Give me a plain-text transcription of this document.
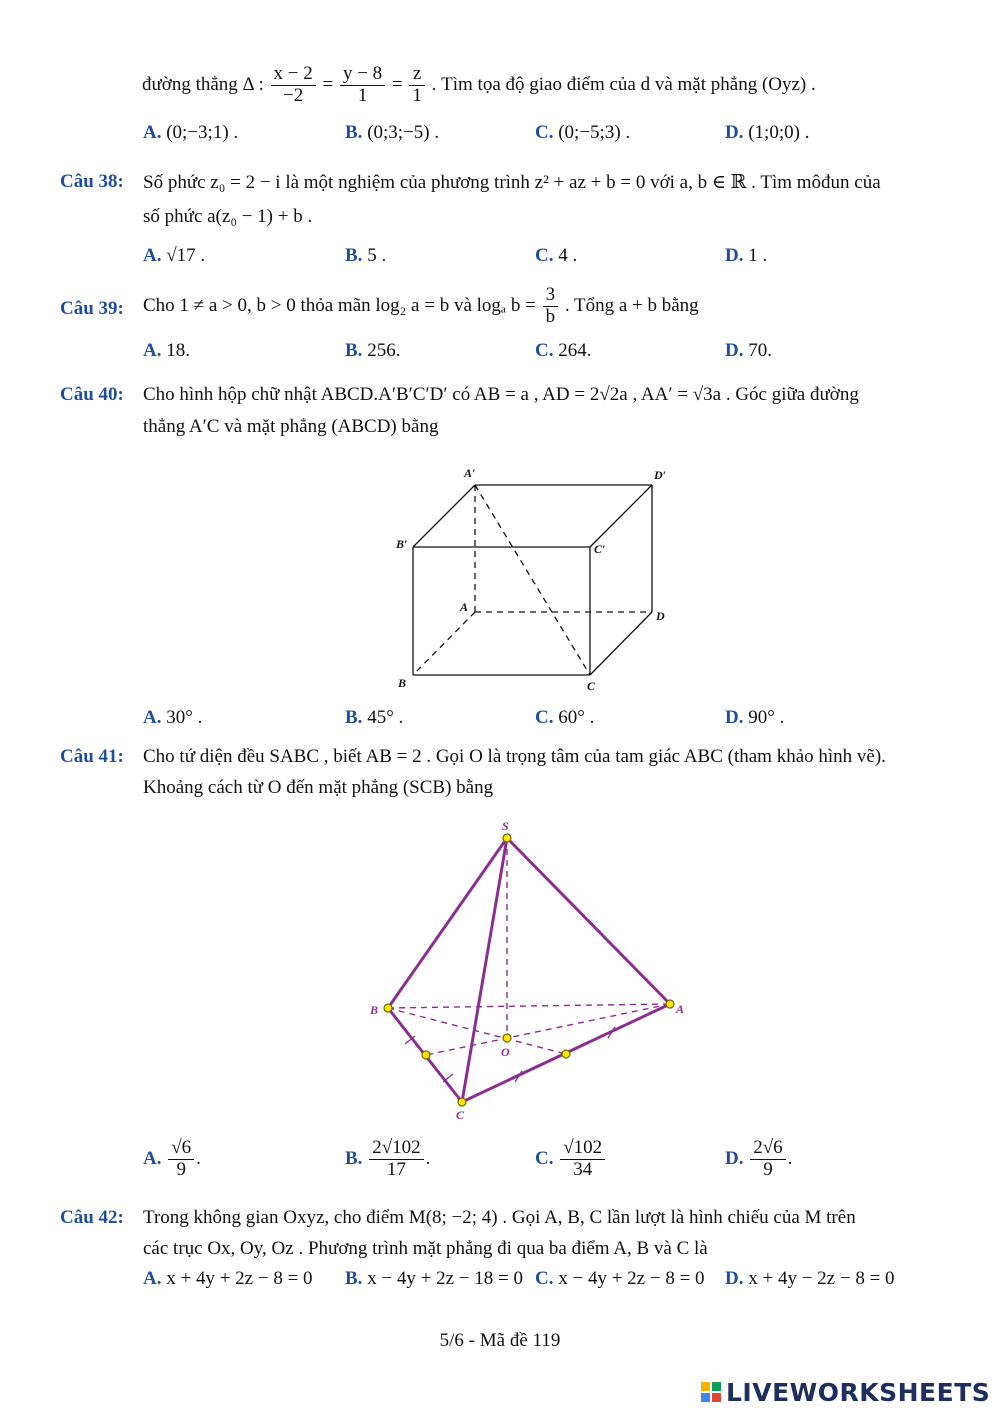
đường thẳng Δ : $\frac{x - 2}{-2} = \frac{y - 8}{1} = \frac{z}{1}$ . Tìm tọa độ giao điểm của d và mặt phẳng (Oyz) .
A. (0;−3;1) .	B. (0;3;−5) .	C. (0;−5;3) .	D. (1;0;0) .
Câu 38: Số phức z₀ = 2 − i là một nghiệm của phương trình z² + az + b = 0 với a, b ∈ ℝ . Tìm môđun của
số phức a(z₀ − 1) + b .
A. √17 .	B. 5 .	C. 4 .	D. 1 .
Câu 39: Cho 1 ≠ a > 0, b > 0 thỏa mãn log₂ a = b và logₐ $b = \frac{3}{b}$ . Tổng a + b bằng
A. 18.	B. 256.	C. 264.	D. 70.
Câu 40: Cho hình hộp chữ nhật ABCD.A′B′C′D′ có AB = a , AD = 2√2a , AA′ = √3a . Góc giữa đường
thẳng A′C và mặt phẳng (ABCD) bằng
A′	D′
B′	C′
A
D
B	C
A. 30° .	B. 45° .	C. 60° .	D. 90° .
Câu 41: Cho tứ diện đều SABC , biết AB = 2 . Gọi O là trọng tâm của tam giác ABC (tham khảo hình vẽ).
Khoảng cách từ O đến mặt phẳng (SCB) bằng
S
B	A
O
C
A. $\frac{√6}{9}$ .	B. $\frac{2√102}{17}$ .	C. $\frac{√102}{34}$	D. $\frac{2√6}{9}$ .
Câu 42: Trong không gian Oxyz, cho điểm M(8; −2; 4) . Gọi A, B, C lần lượt là hình chiếu của M trên
các trục Ox, Oy, Oz . Phương trình mặt phẳng đi qua ba điểm A, B và C là
A. x + 4y + 2z − 8 = 0 B. x − 4y + 2z − 18 = 0 C. x − 4y + 2z − 8 = 0 D. x + 4y − 2z − 8 = 0
5/6 - Mã đề 119
LIVEWORKSHEETS
